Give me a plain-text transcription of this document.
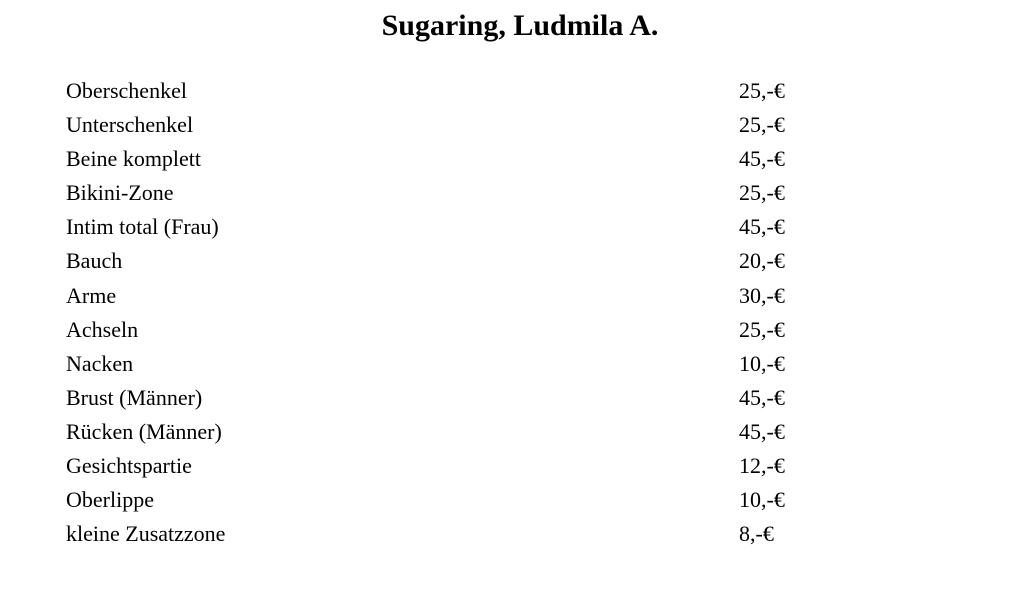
Sugaring, Ludmila A.
Oberschenkel	25,-€
Unterschenkel	25,-€
Beine komplett	45,-€
Bikini-Zone	25,-€
Intim total (Frau)	45,-€
Bauch	20,-€
Arme	30,-€
Achseln	25,-€
Nacken	10,-€
Brust (Männer)	45,-€
Rücken (Männer)	45,-€
Gesichtspartie	12,-€
Oberlippe	10,-€
kleine Zusatzzone	8,-€
